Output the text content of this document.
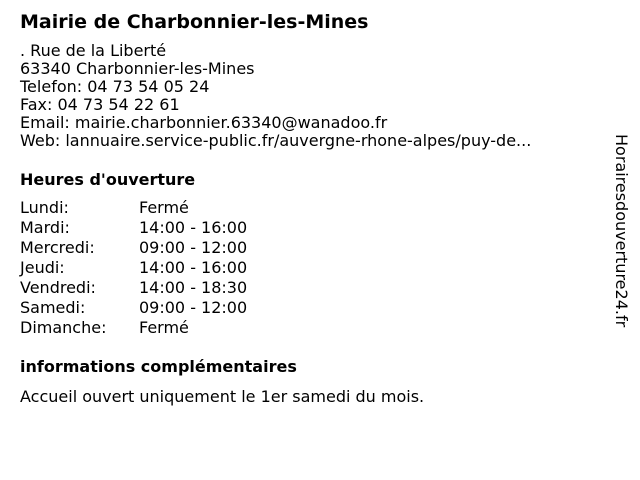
Mairie de Charbonnier-les-Mines
. Rue de la Liberté
63340 Charbonnier-les-Mines
Telefon: 04 73 54 05 24
Fax: 04 73 54 22 61
Email: mairie.charbonnier.63340@wanadoo.fr
Web: lannuaire.service-public.fr/auvergne-rhone-alpes/puy-de...
Heures d'ouverture
Lundi:	Fermé
Mardi:	14:00 - 16:00
Mercredi:	09:00 - 12:00
Jeudi:	14:00 - 16:00
Vendredi:	14:00 - 18:30
Samedi:	09:00 - 12:00
Dimanche:	Fermé
informations complémentaires
Accueil ouvert uniquement le 1er samedi du mois.
Horairesdouverture24.fr
